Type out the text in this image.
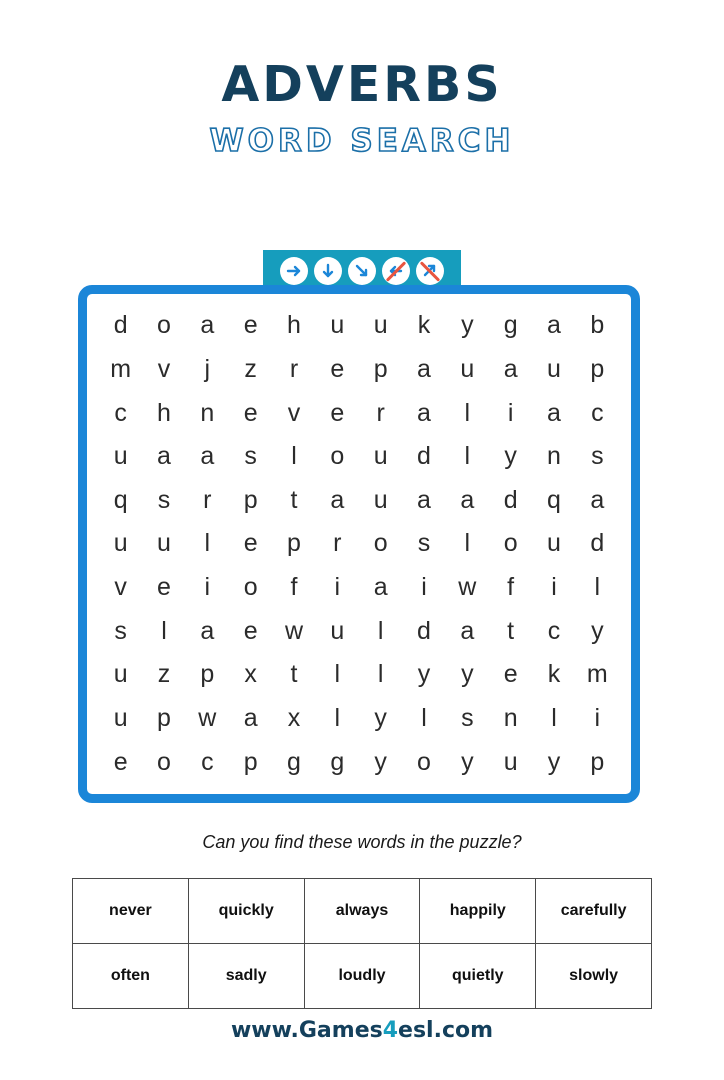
ADVERBS
WORD SEARCH
d o a e h u u k y g a b
m v j z r e p a u a u p
c h n e v e r a l i a c
u a a s l o u d l y n s
q s r p t a u a a d q a
u u l e p r o s l o u d
v e i o f i a i w f i l
s l a e w u l d a t c y
u z p x t l l y y e k m
u p w a x l y l s n l i
e o c p g g y o y u y p
Can you find these words in the puzzle?
never	quickly	always	happily	carefully
often	sadly	loudly	quietly	slowly
www.Games4esl.com
